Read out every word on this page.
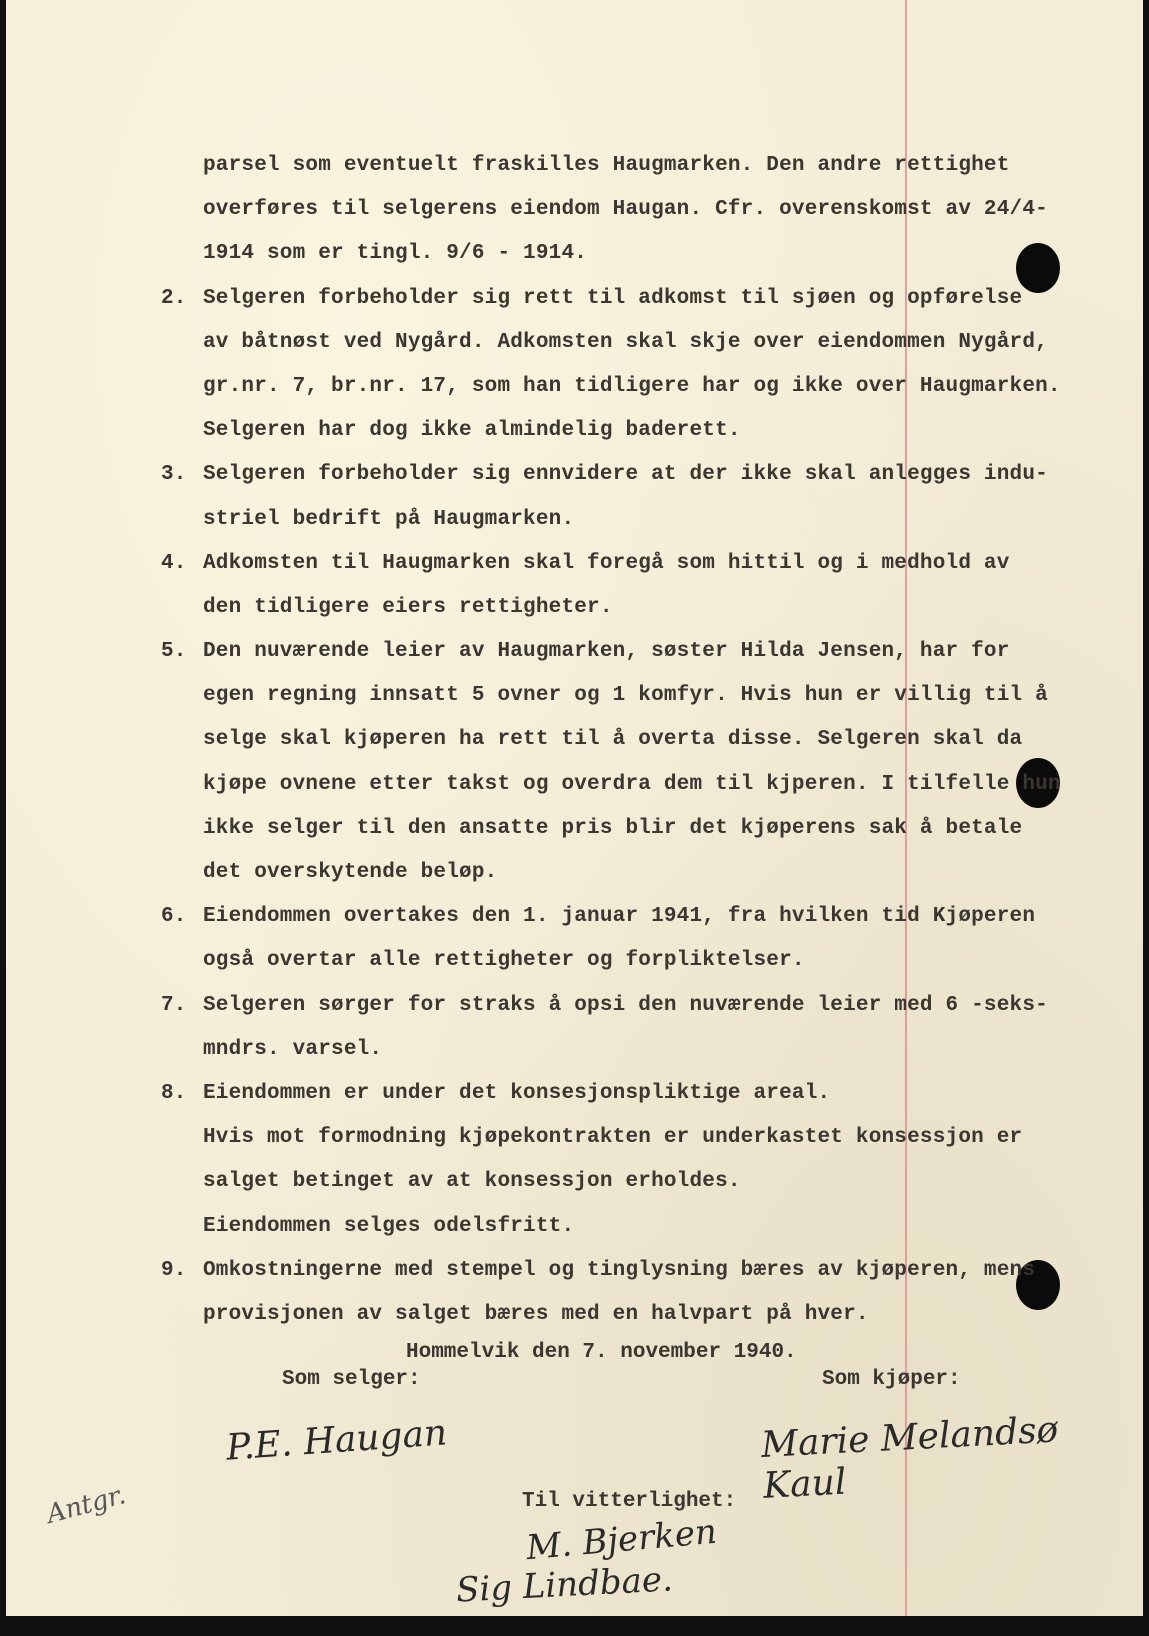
parsel som eventuelt fraskilles Haugmarken. Den andre rettighet
overføres til selgerens eiendom Haugan. Cfr. overenskomst av 24/4-
1914 som er tingl. 9/6 - 1914.
2. Selgeren forbeholder sig rett til adkomst til sjøen og opførelse
av båtnøst ved Nygård. Adkomsten skal skje over eiendommen Nygård,
gr.nr. 7, br.nr. 17, som han tidligere har og ikke over Haugmarken.
Selgeren har dog ikke almindelig baderett.
3. Selgeren forbeholder sig ennvidere at der ikke skal anlegges indu-
striel bedrift på Haugmarken.
4. Adkomsten til Haugmarken skal foregå som hittil og i medhold av
den tidligere eiers rettigheter.
5. Den nuværende leier av Haugmarken, søster Hilda Jensen, har for
egen regning innsatt 5 ovner og 1 komfyr. Hvis hun er villig til å
selge skal kjøperen ha rett til å overta disse. Selgeren skal da
kjøpe ovnene etter takst og overdra dem til kjperen. I tilfelle hun
ikke selger til den ansatte pris blir det kjøperens sak å betale
det overskytende beløp.
6. Eiendommen overtakes den 1. januar 1941, fra hvilken tid Kjøperen
også overtar alle rettigheter og forpliktelser.
7. Selgeren sørger for straks å opsi den nuværende leier med 6 -seks-
mndrs. varsel.
8. Eiendommen er under det konsesjonspliktige areal.
Hvis mot formodning kjøpekontrakten er underkastet konsessjon er
salget betinget av at konsessjon erholdes.
Eiendommen selges odelsfritt.
9. Omkostningerne med stempel og tinglysning bæres av kjøperen, mens
provisjonen av salget bæres med en halvpart på hver.
Hommelvik den 7. november 1940.
Som selger:	Som kjøper:
Til vitterlighet:
P.E. Haugan	Marie Melandsø Kaul
M. Bjerken
Sig Lindbae.
Antgr.
